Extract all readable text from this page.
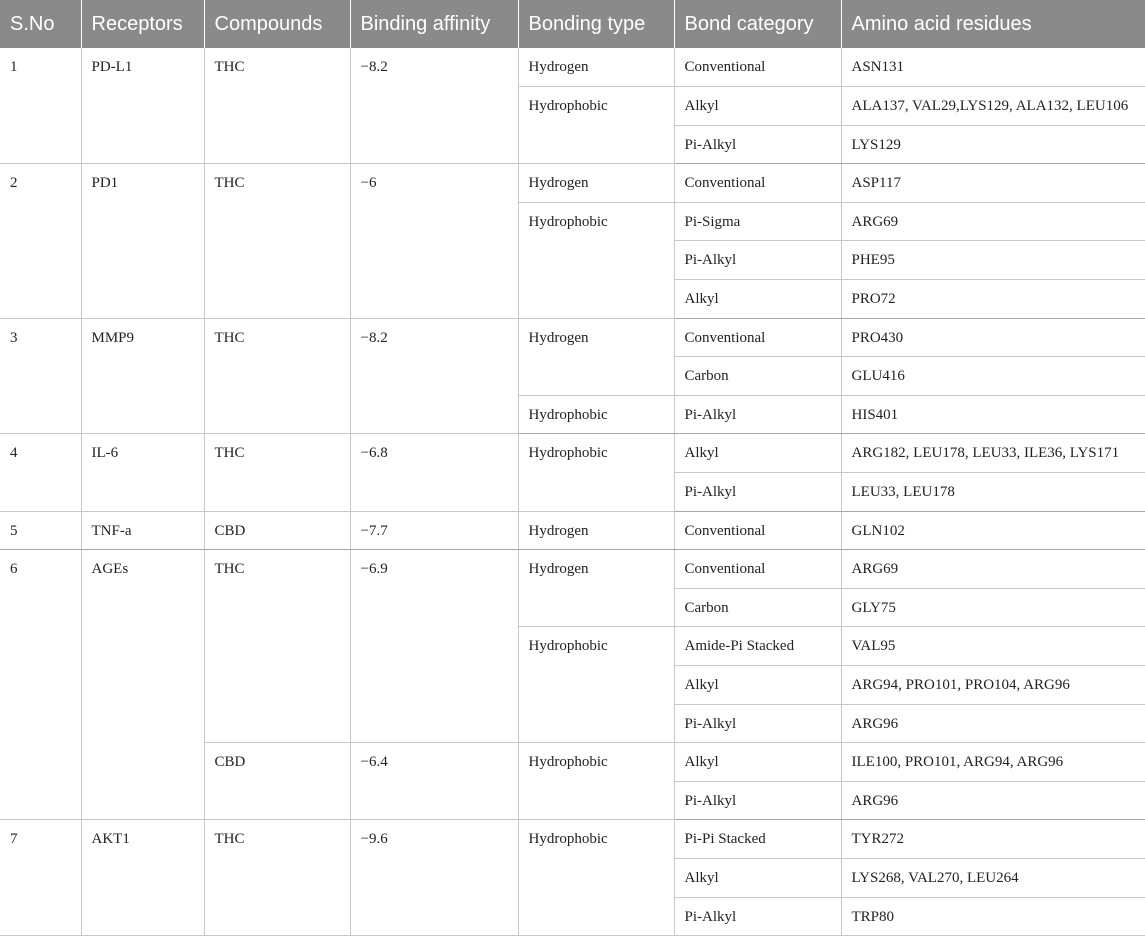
S.No	Receptors	Compounds	Binding affinity	Bonding type	Bond category	Amino acid residues
1	PD-L1	THC	−8.2	Hydrogen	Conventional	ASN131
				Hydrophobic	Alkyl	ALA137, VAL29,LYS129, ALA132, LEU106
					Pi-Alkyl	LYS129
2	PD1	THC	−6	Hydrogen	Conventional	ASP117
				Hydrophobic	Pi-Sigma	ARG69
					Pi-Alkyl	PHE95
					Alkyl	PRO72
3	MMP9	THC	−8.2	Hydrogen	Conventional	PRO430
					Carbon	GLU416
				Hydrophobic	Pi-Alkyl	HIS401
4	IL-6	THC	−6.8	Hydrophobic	Alkyl	ARG182, LEU178, LEU33, ILE36, LYS171
					Pi-Alkyl	LEU33, LEU178
5	TNF-a	CBD	−7.7	Hydrogen	Conventional	GLN102
6	AGEs	THC	−6.9	Hydrogen	Conventional	ARG69
					Carbon	GLY75
				Hydrophobic	Amide-Pi Stacked	VAL95
					Alkyl	ARG94, PRO101, PRO104, ARG96
					Pi-Alkyl	ARG96
		CBD	−6.4	Hydrophobic	Alkyl	ILE100, PRO101, ARG94, ARG96
					Pi-Alkyl	ARG96
7	AKT1	THC	−9.6	Hydrophobic	Pi-Pi Stacked	TYR272
					Alkyl	LYS268, VAL270, LEU264
					Pi-Alkyl	TRP80
